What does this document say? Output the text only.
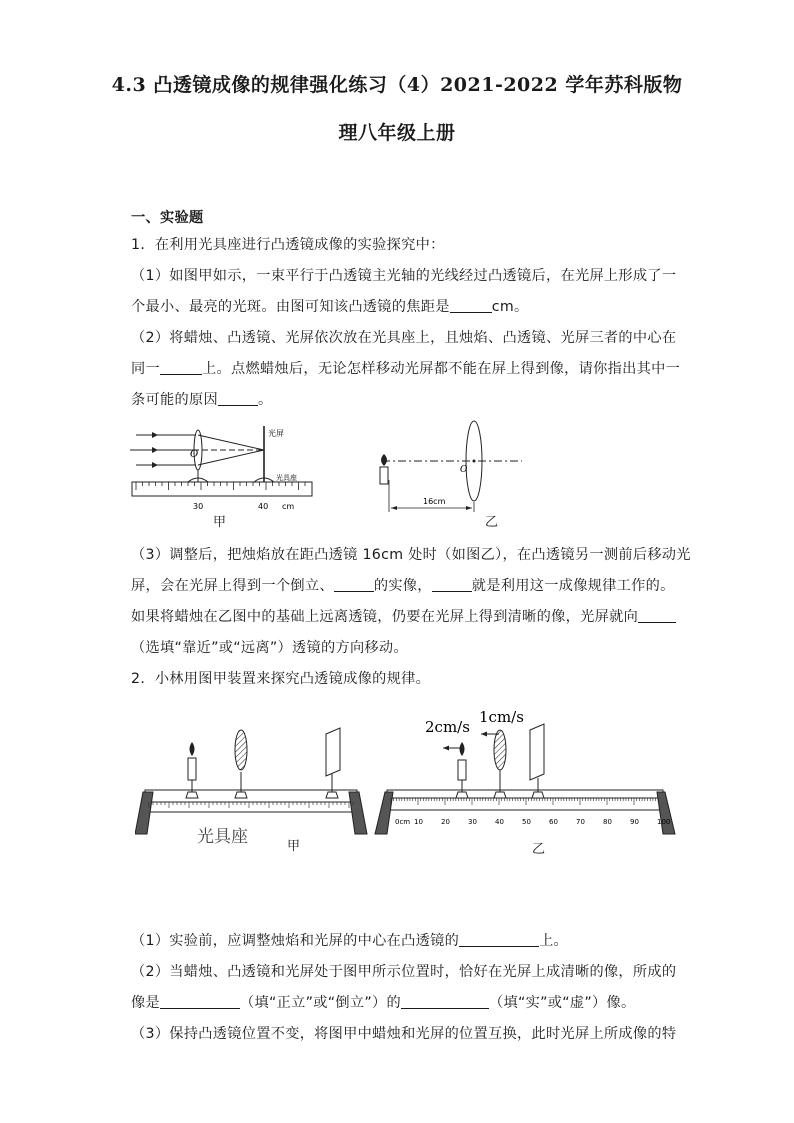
4.3 凸透镜成像的规律强化练习（4）2021-2022 学年苏科版物
理八年级上册
一、实验题
1．在利用光具座进行凸透镜成像的实验探究中：
（1）如图甲如示，一束平行于凸透镜主光轴的光线经过凸透镜后，在光屏上形成了一
个最小、最亮的光斑。由图可知该凸透镜的焦距是	cm。
（2）将蜡烛、凸透镜、光屏依次放在光具座上，且烛焰、凸透镜、光屏三者的中心在
同一	上。点燃蜡烛后，无论怎样移动光屏都不能在屏上得到像，请你指出其中一
条可能的原因	。
O
光屏
光具座
30	40 cm
甲
O
16cm
乙
（3）调整后，把烛焰放在距凸透镜 16cm 处时（如图乙），在凸透镜另一测前后移动光
屏，会在光屏上得到一个倒立、	的实像，	就是利用这一成像规律工作的。
如果将蜡烛在乙图中的基础上远离透镜，仍要在光屏上得到清晰的像，光屏就向
（选填“靠近”或“远离”）透镜的方向移动。
2．小林用图甲装置来探究凸透镜成像的规律。
光具座	甲
2cm/s
1cm/s
0cm 10	20	30	40	50	60	70	80	90	100
乙
（1）实验前，应调整烛焰和光屏的中心在凸透镜的	上。
（2）当蜡烛、凸透镜和光屏处于图甲所示位置时，恰好在光屏上成清晰的像，所成的
像是	（填“正立”或“倒立”）的	（填“实”或“虚”）像。
（3）保持凸透镜位置不变，将图甲中蜡烛和光屏的位置互换，此时光屏上所成像的特
